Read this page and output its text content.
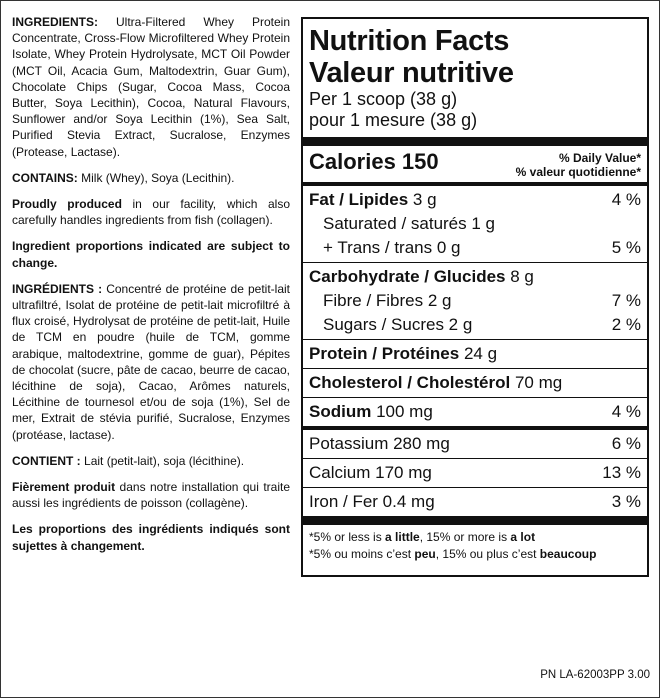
INGREDIENTS: Ultra-Filtered Whey Protein Concentrate, Cross-Flow Microfiltered Whey Protein Isolate, Whey Protein Hydrolysate, MCT Oil Powder (MCT Oil, Acacia Gum, Maltodextrin, Guar Gum), Chocolate Chips (Sugar, Cocoa Mass, Cocoa Butter, Soya Lecithin), Cocoa, Natural Flavours, Sunflower and/or Soya Lecithin (1%), Sea Salt, Purified Stevia Extract, Sucralose, Enzymes (Protease, Lactase).

CONTAINS: Milk (Whey), Soya (Lecithin).

Proudly produced in our facility, which also carefully handles ingredients from fish (collagen).

Ingredient proportions indicated are subject to change.

INGRÉDIENTS : Concentré de protéine de petit-lait ultrafiltré, Isolat de protéine de petit-lait microfiltré à flux croisé, Hydrolysat de protéine de petit-lait, Huile de TCM en poudre (huile de TCM, gomme arabique, maltodextrine, gomme de guar), Pépites de chocolat (sucre, pâte de cacao, beurre de cacao, lécithine de soja), Cacao, Arômes naturels, Lécithine de tournesol et/ou de soja (1%), Sel de mer, Extrait de stévia purifié, Sucralose, Enzymes (protéase, lactase).

CONTIENT : Lait (petit-lait), soja (lécithine).

Fièrement produit dans notre installation qui traite aussi les ingrédients de poisson (collagène).

Les proportions des ingrédients indiqués sont sujettes à changement.

Nutrition Facts
Valeur nutritive
Per 1 scoop (38 g)
pour 1 mesure (38 g)
Calories 150	% Daily Value*
% valeur quotidienne*
Fat / Lipides 3 g	4 %
Saturated / saturés 1 g
+ Trans / trans 0 g	5 %
Carbohydrate / Glucides 8 g
Fibre / Fibres 2 g	7 %
Sugars / Sucres 2 g	2 %
Protein / Protéines 24 g
Cholesterol / Cholestérol 70 mg
Sodium 100 mg	4 %
Potassium 280 mg	6 %
Calcium 170 mg	13 %
Iron / Fer 0.4 mg	3 %
*5% or less is a little, 15% or more is a lot
*5% ou moins c’est peu, 15% ou plus c’est beaucoup
PN LA-62003PP 3.00
